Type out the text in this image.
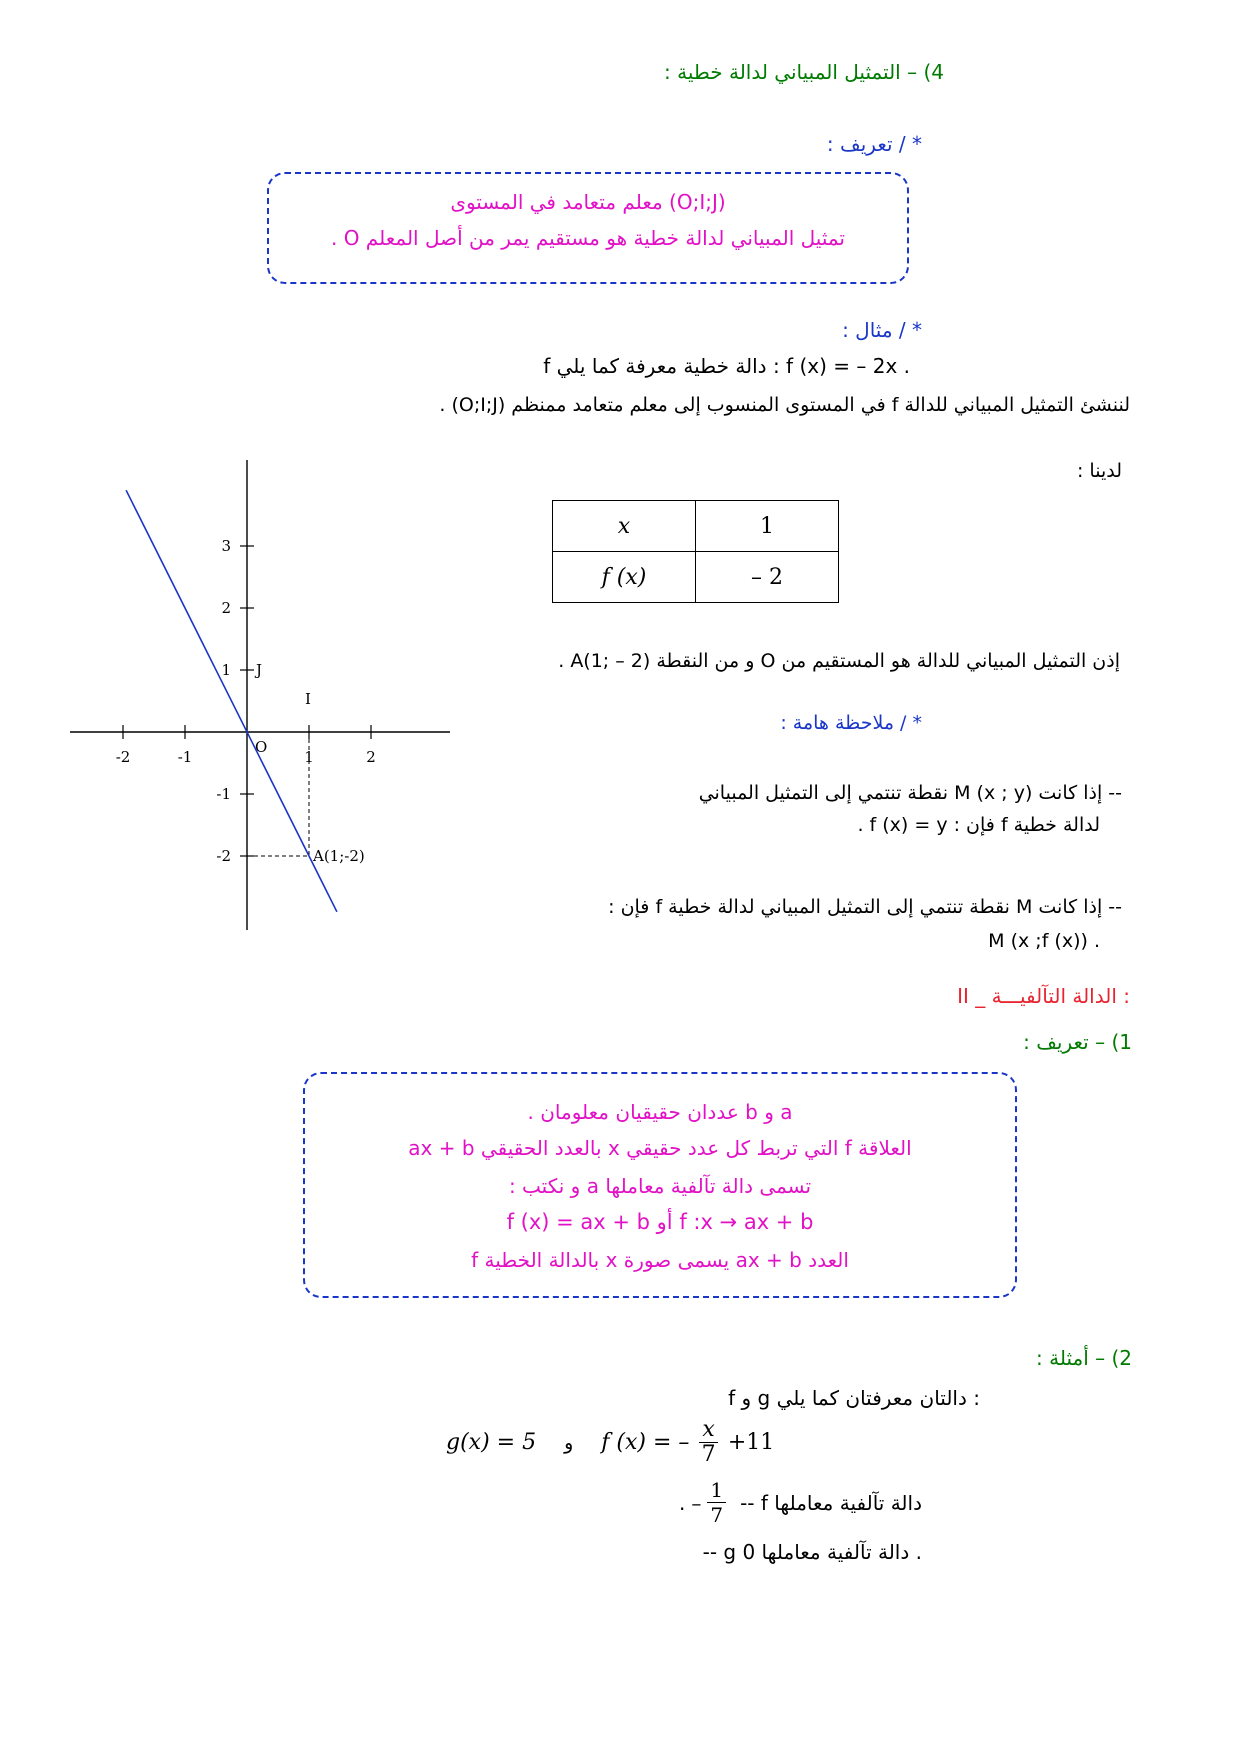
4) – التمثيل المبياني لدالة خطية :
* / تعريف :
(O;I;J) معلم متعامد في المستوى
تمثيل المبياني لدالة خطية هو مستقيم يمر من أصل المعلم O .
* / مثال :
f دالة خطية معرفة كما يلي : f (x) = – 2x .
لننشئ التمثيل المبياني للدالة f في المستوى المنسوب إلى معلم متعامد ممنظم (O;I;J) .
لدينا :
x	1
f (x)	– 2
إذن التمثيل المبياني للدالة هو المستقيم من O و من النقطة A(1; – 2) .
* / ملاحظة هامة :
-- إذا كانت M (x ; y) نقطة تنتمي إلى التمثيل المبياني
لدالة خطية f فإن : f (x) = y .
-- إذا كانت M نقطة تنتمي إلى التمثيل المبياني لدالة خطية f فإن :
M (x ;f (x)) .
-2	-1	1	2
3
2
1
-1
-2
J
I
O
A(1;-2)
II _ الدالة التآلفيـــة :
1) – تعريف :
a و b عددان حقيقيان معلومان .
العلاقة f التي تربط كل عدد حقيقي x بالعدد الحقيقي ax + b
تسمى دالة تآلفية معاملها a و نكتب :
f :x → ax + b أو f (x) = ax + b
العدد ax + b يسمى صورة x بالدالة الخطية f
2) – أمثلة :
f و g دالتان معرفتان كما يلي :
g(x) = 5 و f (x) = – $\frac{x}{7} +11$
. – $\frac{1}{7}$ -- f دالة تآلفية معاملها
-- g دالة تآلفية معاملها 0 .
